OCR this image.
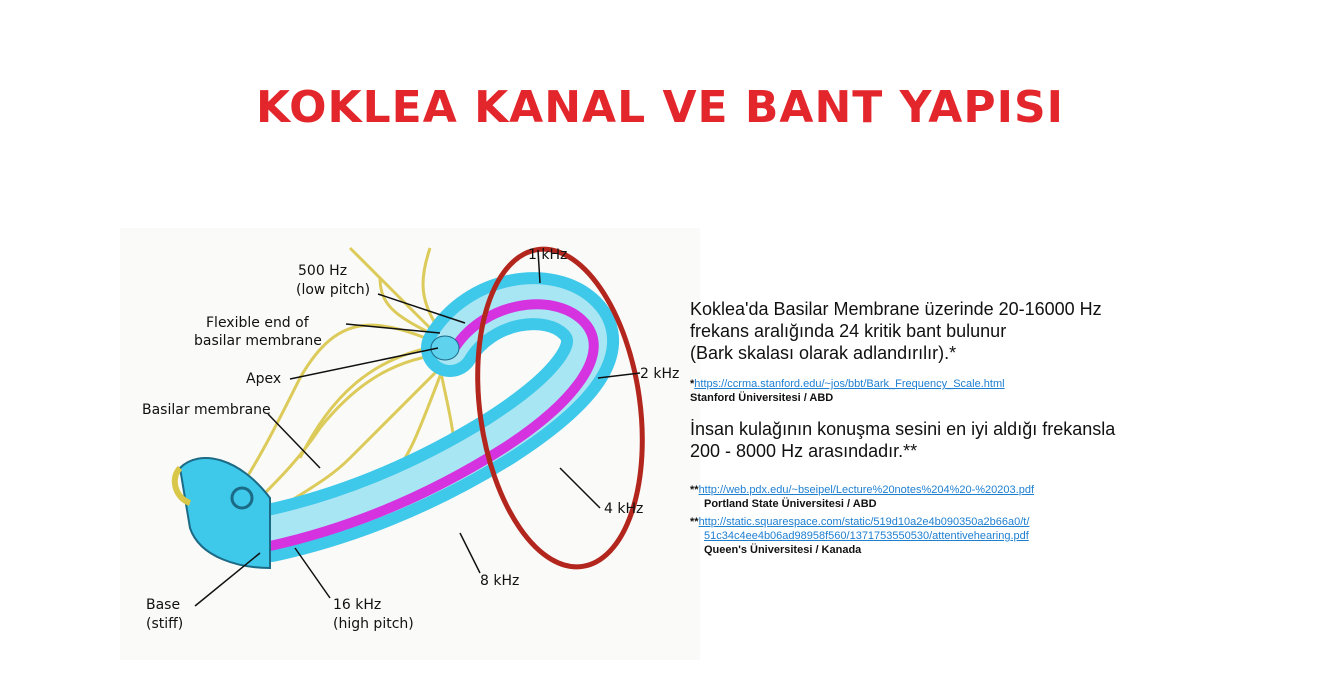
KOKLEA KANAL VE BANT YAPISI
500 Hz
(low pitch)
Flexible end of
basilar membrane
Apex
Basilar membrane
Base
(stiff)
16 kHz
(high pitch)
1 kHz
2 kHz
4 kHz
8 kHz

Koklea'da Basilar Membrane üzerinde 20-16000 Hz

frekans aralığında 24 kritik bant bulunur

(Bark skalası olarak adlandırılır).*

*https://ccrma.stanford.edu/~jos/bbt/Bark_Frequency_Scale.html
Stanford Üniversitesi / ABD

İnsan kulağının konuşma sesini en iyi aldığı frekansla

200 - 8000 Hz arasındadır.**

**http://web.pdx.edu/~bseipel/Lecture%20notes%204%20-%20203.pdf
Portland State Üniversitesi / ABD
**http://static.squarespace.com/static/519d10a2e4b090350a2b66a0/t/
51c34c4ee4b06ad98958f560/1371753550530/attentivehearing.pdf
Queen's Üniversitesi / Kanada
